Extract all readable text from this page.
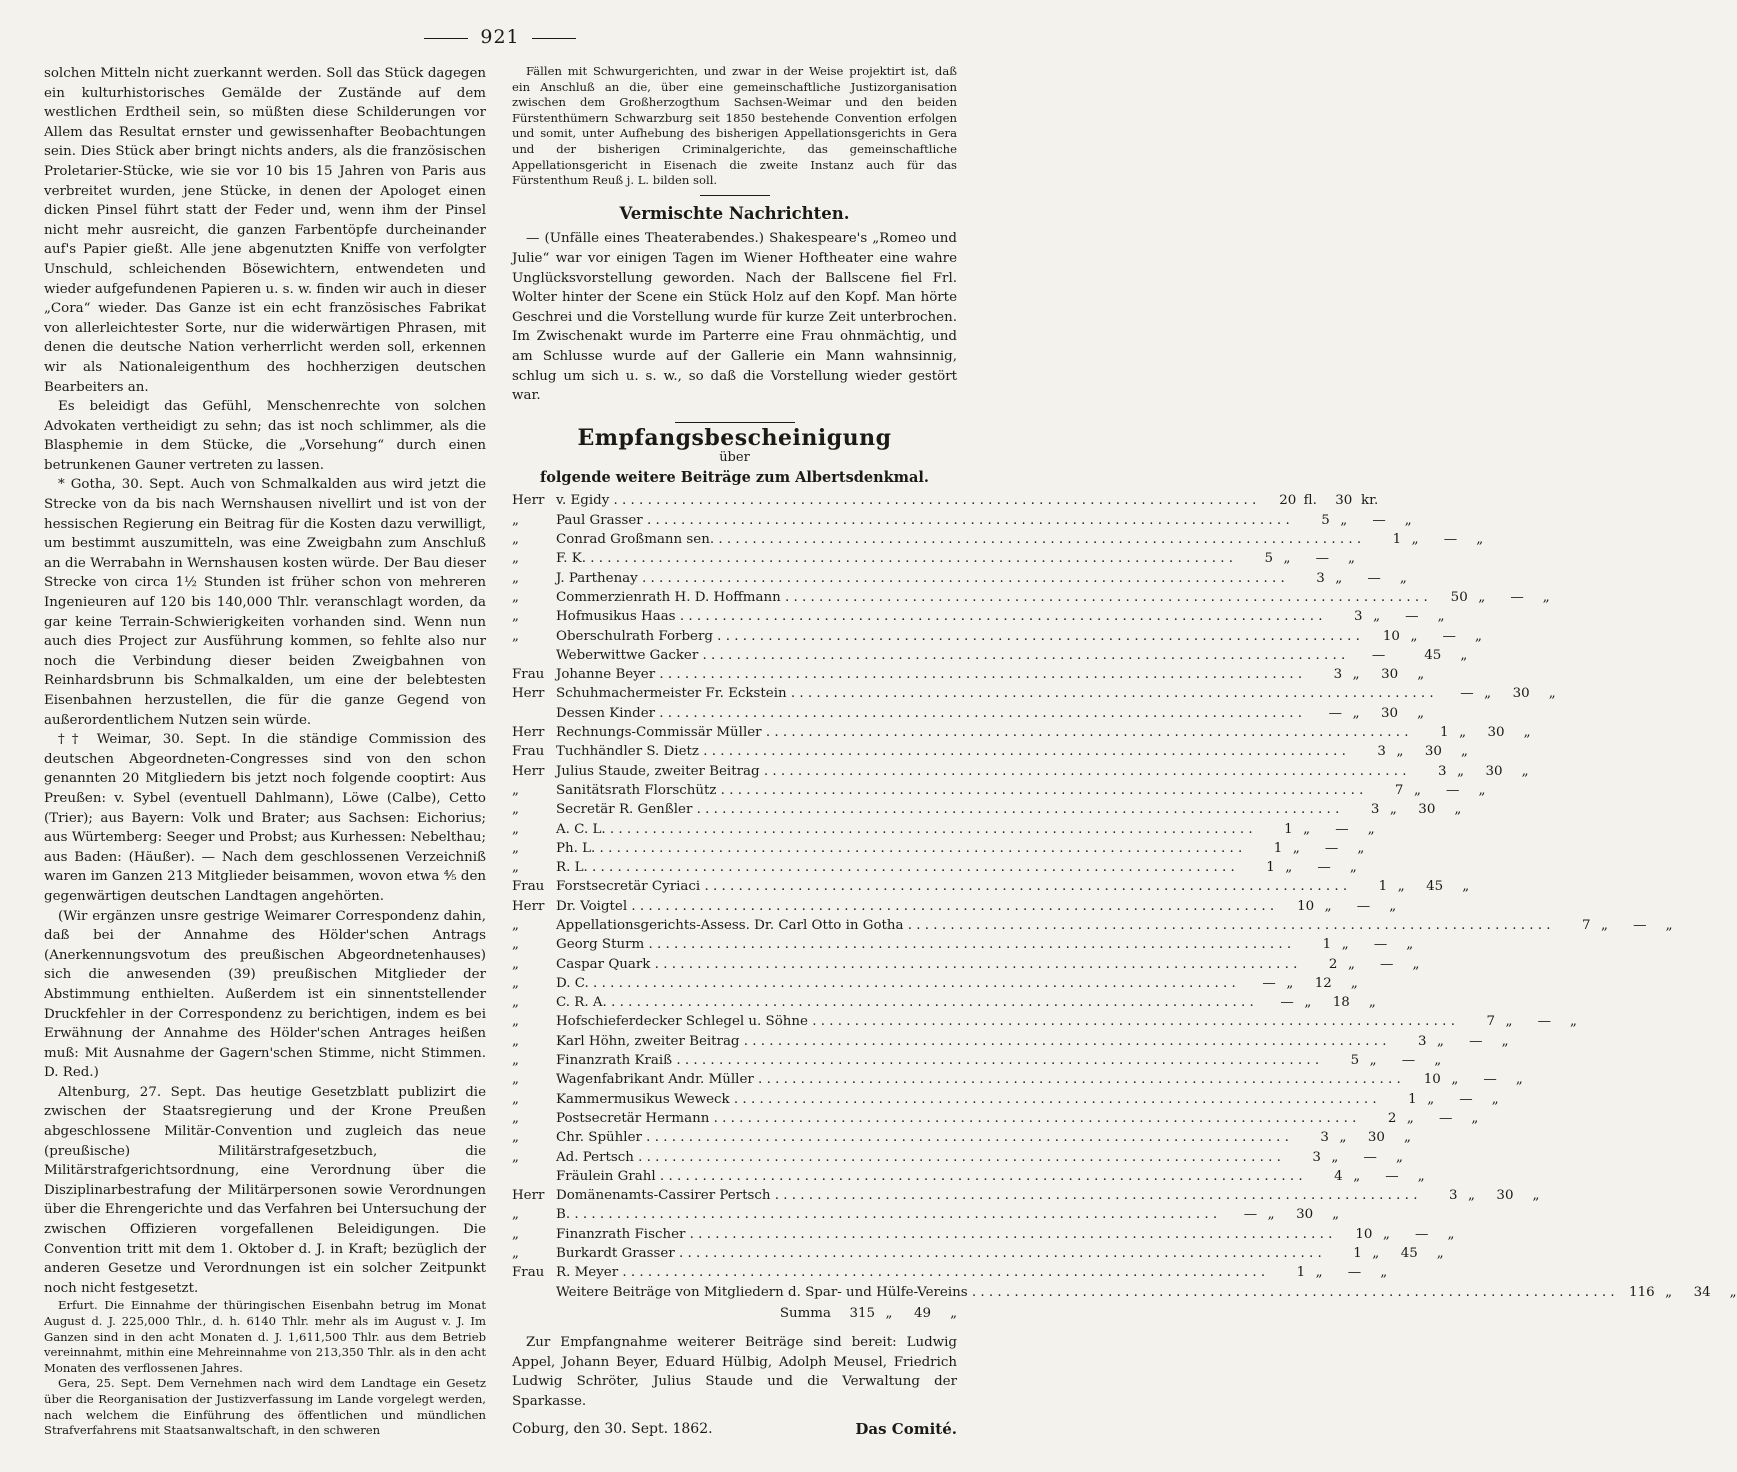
921

solchen Mitteln nicht zuerkannt werden. Soll das Stück dagegen ein kulturhistorisches Gemälde der Zustände auf dem westlichen Erdtheil sein, so müßten diese Schilderungen vor Allem das Resultat ernster und gewissenhafter Beobachtungen sein. Dies Stück aber bringt nichts anders, als die französischen Proletarier-Stücke, wie sie vor 10 bis 15 Jahren von Paris aus verbreitet wurden, jene Stücke, in denen der Apologet einen dicken Pinsel führt statt der Feder und, wenn ihm der Pinsel nicht mehr ausreicht, die ganzen Farbentöpfe durcheinander auf's Papier gießt. Alle jene abgenutzten Kniffe von verfolgter Unschuld, schleichenden Bösewichtern, entwendeten und wieder aufgefundenen Papieren u. s. w. finden wir auch in dieser „Cora“ wieder. Das Ganze ist ein echt französisches Fabrikat von allerleichtester Sorte, nur die widerwärtigen Phrasen, mit denen die deutsche Nation verherrlicht werden soll, erkennen wir als Nationaleigenthum des hochherzigen deutschen Bearbeiters an.

Es beleidigt das Gefühl, Menschenrechte von solchen Advokaten vertheidigt zu sehn; das ist noch schlimmer, als die Blasphemie in dem Stücke, die „Vorsehung“ durch einen betrunkenen Gauner vertreten zu lassen.

* Gotha, 30. Sept. Auch von Schmalkalden aus wird jetzt die Strecke von da bis nach Wernshausen nivellirt und ist von der hessischen Regierung ein Beitrag für die Kosten dazu verwilligt, um bestimmt auszumitteln, was eine Zweigbahn zum Anschluß an die Werrabahn in Wernshausen kosten würde. Der Bau dieser Strecke von circa 1½ Stunden ist früher schon von mehreren Ingenieuren auf 120 bis 140,000 Thlr. veranschlagt worden, da gar keine Terrain-Schwierigkeiten vorhanden sind. Wenn nun auch dies Project zur Ausführung kommen, so fehlte also nur noch die Verbindung dieser beiden Zweigbahnen von Reinhardsbrunn bis Schmalkalden, um eine der belebtesten Eisenbahnen herzustellen, die für die ganze Gegend von außerordentlichem Nutzen sein würde.

†† Weimar, 30. Sept. In die ständige Commission des deutschen Abgeordneten-Congresses sind von den schon genannten 20 Mitgliedern bis jetzt noch folgende cooptirt: Aus Preußen: v. Sybel (eventuell Dahlmann), Löwe (Calbe), Cetto (Trier); aus Bayern: Volk und Brater; aus Sachsen: Eichorius; aus Würtemberg: Seeger und Probst; aus Kurhessen: Nebelthau; aus Baden: (Häußer). — Nach dem geschlossenen Verzeichniß waren im Ganzen 213 Mitglieder beisammen, wovon etwa ⅘ den gegenwärtigen deutschen Landtagen angehörten.

(Wir ergänzen unsre gestrige Weimarer Correspondenz dahin, daß bei der Annahme des Hölder'schen Antrags (Anerkennungsvotum des preußischen Abgeordnetenhauses) sich die anwesenden (39) preußischen Mitglieder der Abstimmung enthielten. Außerdem ist ein sinnentstellender Druckfehler in der Correspondenz zu berichtigen, indem es bei Erwähnung der Annahme des Hölder'schen Antrages heißen muß: Mit Ausnahme der Gagern'schen Stimme, nicht Stimmen. D. Red.)

Altenburg, 27. Sept. Das heutige Gesetzblatt publizirt die zwischen der Staatsregierung und der Krone Preußen abgeschlossene Militär-Convention und zugleich das neue (preußische) Militärstrafgesetzbuch, die Militärstrafgerichtsordnung, eine Verordnung über die Disziplinarbestrafung der Militärpersonen sowie Verordnungen über die Ehrengerichte und das Verfahren bei Untersuchung der zwischen Offizieren vorgefallenen Beleidigungen. Die Convention tritt mit dem 1. Oktober d. J. in Kraft; bezüglich der anderen Gesetze und Verordnungen ist ein solcher Zeitpunkt noch nicht festgesetzt.

Erfurt. Die Einnahme der thüringischen Eisenbahn betrug im Monat August d. J. 225,000 Thlr., d. h. 6140 Thlr. mehr als im August v. J. Im Ganzen sind in den acht Monaten d. J. 1,611,500 Thlr. aus dem Betrieb vereinnahmt, mithin eine Mehreinnahme von 213,350 Thlr. als in den acht Monaten des verflossenen Jahres.

Gera, 25. Sept. Dem Vernehmen nach wird dem Landtage ein Gesetz über die Reorganisation der Justizverfassung im Lande vorgelegt werden, nach welchem die Einführung des öffentlichen und mündlichen Strafverfahrens mit Staatsanwaltschaft, in den schweren

Fällen mit Schwurgerichten, und zwar in der Weise projektirt ist, daß ein Anschluß an die, über eine gemeinschaftliche Justizorganisation zwischen dem Großherzogthum Sachsen-Weimar und den beiden Fürstenthümern Schwarzburg seit 1850 bestehende Convention erfolgen und somit, unter Aufhebung des bisherigen Appellationsgerichts in Gera und der bisherigen Criminalgerichte, das gemeinschaftliche Appellationsgericht in Eisenach die zweite Instanz auch für das Fürstenthum Reuß j. L. bilden soll.

Vermischte Nachrichten.

— (Unfälle eines Theaterabendes.) Shakespeare's „Romeo und Julie“ war vor einigen Tagen im Wiener Hoftheater eine wahre Unglücksvorstellung geworden. Nach der Ballscene fiel Frl. Wolter hinter der Scene ein Stück Holz auf den Kopf. Man hörte Geschrei und die Vorstellung wurde für kurze Zeit unterbrochen. Im Zwischenakt wurde im Parterre eine Frau ohnmächtig, und am Schlusse wurde auf der Gallerie ein Mann wahnsinnig, schlug um sich u. s. w., so daß die Vorstellung wieder gestört war.

Empfangsbescheinigung
über
folgende weitere Beiträge zum Albertsdenkmal.
Herr v. Egidy . . .	20 fl.	30 kr.
„	Paul Grasser . . .	5 „	—	„
„	Conrad Großmann sen. . . .	1 „	—	„
„	F. K. . . .	5 „	—	„
„	J. Parthenay . . .	3 „	—	„
„	Commerzienrath H. D. Hoffmann . . .	50 „	—	„
„	Hofmusikus Haas . . .	3 „	—	„
„	Oberschulrath Forberg . . .	10 „	—	„
Weberwittwe Gacker . . .	—	45	„
Frau Johanne Beyer . . .	3 „	30	„
Herr Schuhmachermeister Fr. Eckstein . . .	— „	30	„
Dessen Kinder . . .	— „	30	„
Herr Rechnungs-Commissär Müller . . .	1 „	30	„
Frau Tuchhändler S. Dietz . . .	3 „	30	„
Herr Julius Staude, zweiter Beitrag . . .	3 „	30	„
„	Sanitätsrath Florschütz . . .	7 „	—	„
„	Secretär R. Genßler . . .	3 „	30	„
„	A. C. L. . . .	1 „	—	„
„	Ph. L. . . .	1 „	—	„
„	R. L. . . .	1 „	—	„
Frau Forstsecretär Cyriaci . . .	1 „	45	„
Herr Dr. Voigtel . . .	10 „	—	„
„	Appellationsgerichts-Assess. Dr. Carl Otto in Gotha . . .	7 „	—	„
„	Georg Sturm . . .	1 „	—	„
„	Caspar Quark . . .	2 „	—	„
„	D. C. . . .	— „	12	„
„	C. R. A. . . .	— „	18	„
„	Hofschieferdecker Schlegel u. Söhne . . .	7 „	—	„
„	Karl Höhn, zweiter Beitrag . . .	3 „	—	„
„	Finanzrath Kraiß . . .	5 „	—	„
„	Wagenfabrikant Andr. Müller . . .	10 „	—	„
„	Kammermusikus Weweck . . .	1 „	—	„
„	Postsecretär Hermann . . .	2 „	—	„
„	Chr. Spühler . . .	3 „	30	„
„	Ad. Pertsch . . .	3 „	—	„
Fräulein Grahl . . .	4 „	—	„
Herr Domänenamts-Cassirer Pertsch . . .	3 „	30	„
„	B. . . .	— „	30	„
„	Finanzrath Fischer . . .	10 „	—	„
„	Burkardt Grasser . . .	1 „	45	„
Frau R. Meyer . . .	1 „	—	„
Weitere Beiträge von Mitgliedern d. Spar- und Hülfe-Vereins . . .	116 „	34	„
Summa	315 „	49	„

Zur Empfangnahme weiterer Beiträge sind bereit: Ludwig Appel, Johann Beyer, Eduard Hülbig, Adolph Meusel, Friedrich Ludwig Schröter, Julius Staude und die Verwaltung der Sparkasse.

Coburg, den 30. Sept. 1862.	Das Comité.
